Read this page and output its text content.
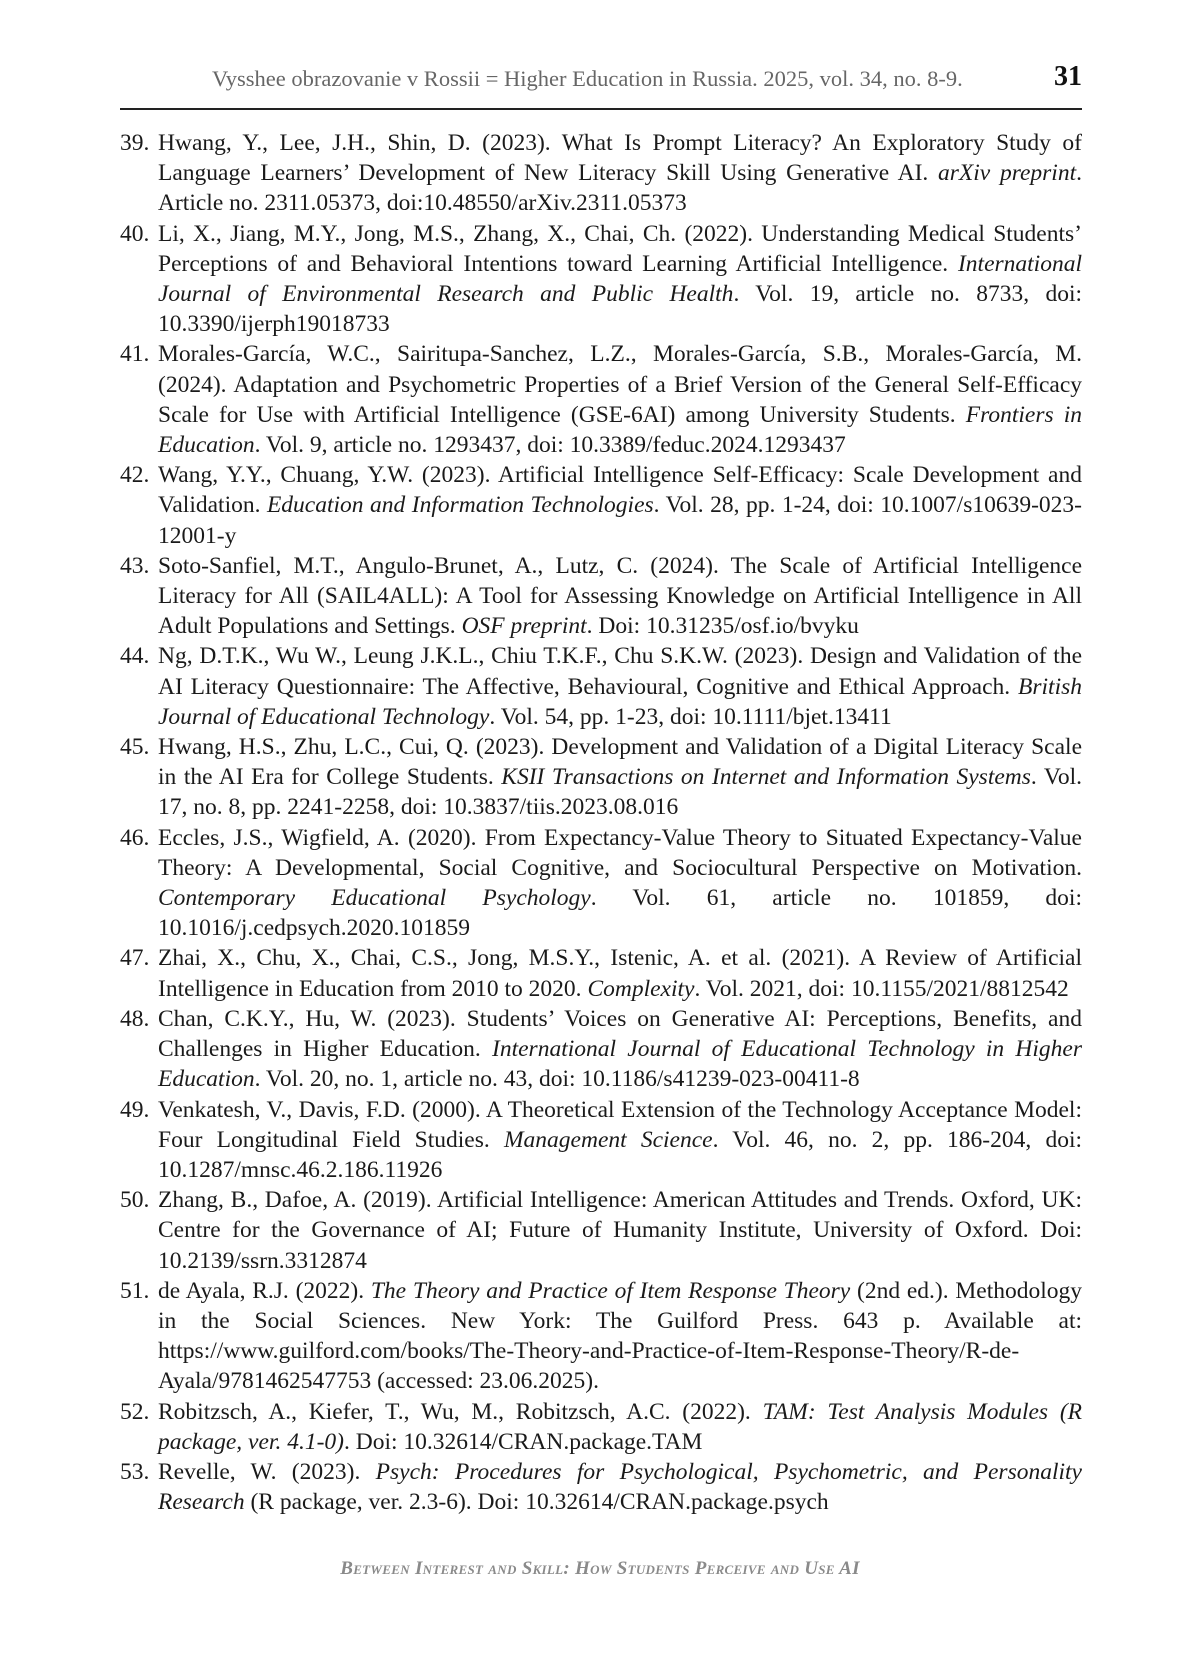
Vysshee obrazovanie v Rossii = Higher Education in Russia. 2025, vol. 34, no. 8-9.	31
39. Hwang, Y., Lee, J.H., Shin, D. (2023). What Is Prompt Literacy? An Exploratory Study of Language Learners’ Development of New Literacy Skill Using Generative AI. arXiv preprint. Article no. 2311.05373, doi:10.48550/arXiv.2311.05373
40. Li, X., Jiang, M.Y., Jong, M.S., Zhang, X., Chai, Ch. (2022). Understanding Medical Students’ Perceptions of and Behavioral Intentions toward Learning Artificial Intelligence. International Journal of Environmental Research and Public Health. Vol. 19, article no. 8733, doi: 10.3390/ijerph19018733
41. Morales-García, W.C., Sairitupa-Sanchez, L.Z., Morales-García, S.B., Morales-García, M. (2024). Adaptation and Psychometric Properties of a Brief Version of the General Self-Efficacy Scale for Use with Artificial Intelligence (GSE-6AI) among University Students. Frontiers in Education. Vol. 9, article no. 1293437, doi: 10.3389/feduc.2024.1293437
42. Wang, Y.Y., Chuang, Y.W. (2023). Artificial Intelligence Self-Efficacy: Scale Development and Validation. Education and Information Technologies. Vol. 28, pp. 1-24, doi: 10.1007/s10639-023-12001-y
43. Soto-Sanfiel, M.T., Angulo-Brunet, A., Lutz, C. (2024). The Scale of Artificial Intelligence Literacy for All (SAIL4ALL): A Tool for Assessing Knowledge on Artificial Intelligence in All Adult Populations and Settings. OSF preprint. Doi: 10.31235/osf.io/bvyku
44. Ng, D.T.K., Wu W., Leung J.K.L., Chiu T.K.F., Chu S.K.W. (2023). Design and Validation of the AI Literacy Questionnaire: The Affective, Behavioural, Cognitive and Ethical Approach. British Journal of Educational Technology. Vol. 54, pp. 1-23, doi: 10.1111/bjet.13411
45. Hwang, H.S., Zhu, L.C., Cui, Q. (2023). Development and Validation of a Digital Literacy Scale in the AI Era for College Students. KSII Transactions on Internet and Information Systems. Vol. 17, no. 8, pp. 2241-2258, doi: 10.3837/tiis.2023.08.016
46. Eccles, J.S., Wigfield, A. (2020). From Expectancy-Value Theory to Situated Expectancy-Value Theory: A Developmental, Social Cognitive, and Sociocultural Perspective on Motivation. Contemporary Educational Psychology. Vol. 61, article no. 101859, doi: 10.1016/j.cedpsych.2020.101859
47. Zhai, X., Chu, X., Chai, C.S., Jong, M.S.Y., Istenic, A. et al. (2021). A Review of Artificial Intelligence in Education from 2010 to 2020. Complexity. Vol. 2021, doi: 10.1155/2021/8812542
48. Chan, C.K.Y., Hu, W. (2023). Students’ Voices on Generative AI: Perceptions, Benefits, and Challenges in Higher Education. International Journal of Educational Technology in Higher Education. Vol. 20, no. 1, article no. 43, doi: 10.1186/s41239-023-00411-8
49. Venkatesh, V., Davis, F.D. (2000). A Theoretical Extension of the Technology Acceptance Model: Four Longitudinal Field Studies. Management Science. Vol. 46, no. 2, pp. 186-204, doi: 10.1287/mnsc.46.2.186.11926
50. Zhang, B., Dafoe, A. (2019). Artificial Intelligence: American Attitudes and Trends. Oxford, UK: Centre for the Governance of AI; Future of Humanity Institute, University of Oxford. Doi: 10.2139/ssrn.3312874
51. de Ayala, R.J. (2022). The Theory and Practice of Item Response Theory (2nd ed.). Methodology in the Social Sciences. New York: The Guilford Press. 643 p. Available at: https://www.guilford.com/books/The-Theory-and-Practice-of-Item-Response-Theory/R-de-Ayala/9781462547753 (accessed: 23.06.2025).
52. Robitzsch, A., Kiefer, T., Wu, M., Robitzsch, A.C. (2022). TAM: Test Analysis Modules (R package, ver. 4.1-0). Doi: 10.32614/CRAN.package.TAM
53. Revelle, W. (2023). Psych: Procedures for Psychological, Psychometric, and Personality Research (R package, ver. 2.3-6). Doi: 10.32614/CRAN.package.psych
Between Interest and Skill: How Students Perceive and Use AI
